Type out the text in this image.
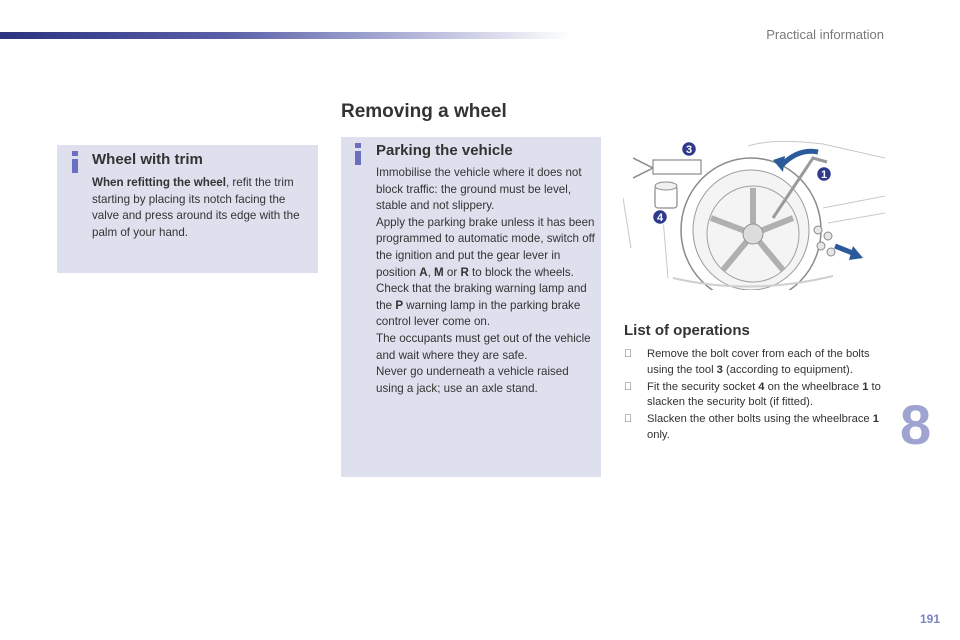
Practical information
Removing a wheel
Wheel with trim

When refitting the wheel, refit the trim starting by placing its notch facing the valve and press around its edge with the palm of your hand.

Parking the vehicle

Immobilise the vehicle where it does not block traffic: the ground must be level, stable and not slippery.

Apply the parking brake unless it has been programmed to automatic mode, switch off the ignition and put the gear lever in position A, M or R to block the wheels.

Check that the braking warning lamp and the P warning lamp in the parking brake control lever come on.

The occupants must get out of the vehicle and wait where they are safe.

Never go underneath a vehicle raised using a jack; use an axle stand.

3
1
4
List of operations
Remove the bolt cover from each of the bolts using the tool 3 (according to equipment).
Fit the security socket 4 on the wheelbrace 1 to slacken the security bolt (if fitted).
Slacken the other bolts using the wheelbrace 1 only.	8
191
